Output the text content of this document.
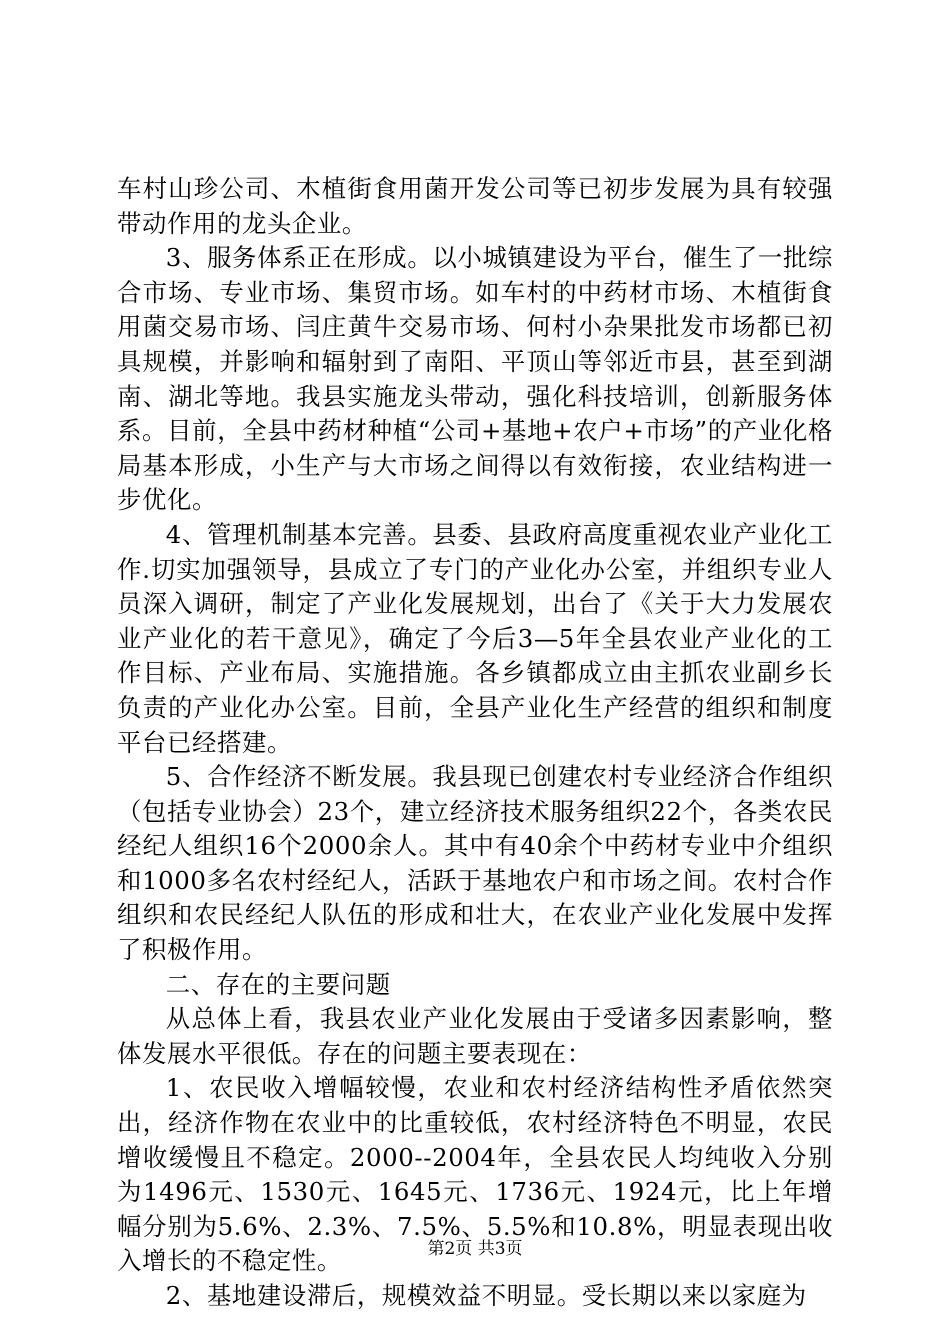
车村山珍公司、木植街食用菌开发公司等已初步发展为具有较强带动作用的龙头企业。

3、服务体系正在形成。以小城镇建设为平台，催生了一批综合市场、专业市场、集贸市场。如车村的中药材市场、木植街食用菌交易市场、闫庄黄牛交易市场、何村小杂果批发市场都已初具规模，并影响和辐射到了南阳、平顶山等邻近市县，甚至到湖南、湖北等地。我县实施龙头带动，强化科技培训，创新服务体系。目前，全县中药材种植“公司+基地+农户+市场”的产业化格局基本形成，小生产与大市场之间得以有效衔接，农业结构进一步优化。

4、管理机制基本完善。县委、县政府高度重视农业产业化工作.切实加强领导，县成立了专门的产业化办公室，并组织专业人员深入调研，制定了产业化发展规划，出台了《关于大力发展农业产业化的若干意见》，确定了今后3—5年全县农业产业化的工作目标、产业布局、实施措施。各乡镇都成立由主抓农业副乡长负责的产业化办公室。目前，全县产业化生产经营的组织和制度平台已经搭建。

5、合作经济不断发展。我县现已创建农村专业经济合作组织（包括专业协会）23个，建立经济技术服务组织22个，各类农民经纪人组织16个2000余人。其中有40余个中药材专业中介组织和1000多名农村经纪人，活跃于基地农户和市场之间。农村合作组织和农民经纪人队伍的形成和壮大，在农业产业化发展中发挥了积极作用。

二、存在的主要问题

从总体上看，我县农业产业化发展由于受诸多因素影响，整体发展水平很低。存在的问题主要表现在：

1、农民收入增幅较慢，农业和农村经济结构性矛盾依然突出，经济作物在农业中的比重较低，农村经济特色不明显，农民增收缓慢且不稳定。2000--2004年，全县农民人均纯收入分别为1496元、1530元、1645元、1736元、1924元，比上年增幅分别为5.6%、2.3%、7.5%、5.5%和10.8%，明显表现出收入增长的不稳定性。

2、基地建设滞后，规模效益不明显。受长期以来以家庭为

第2页 共3页
